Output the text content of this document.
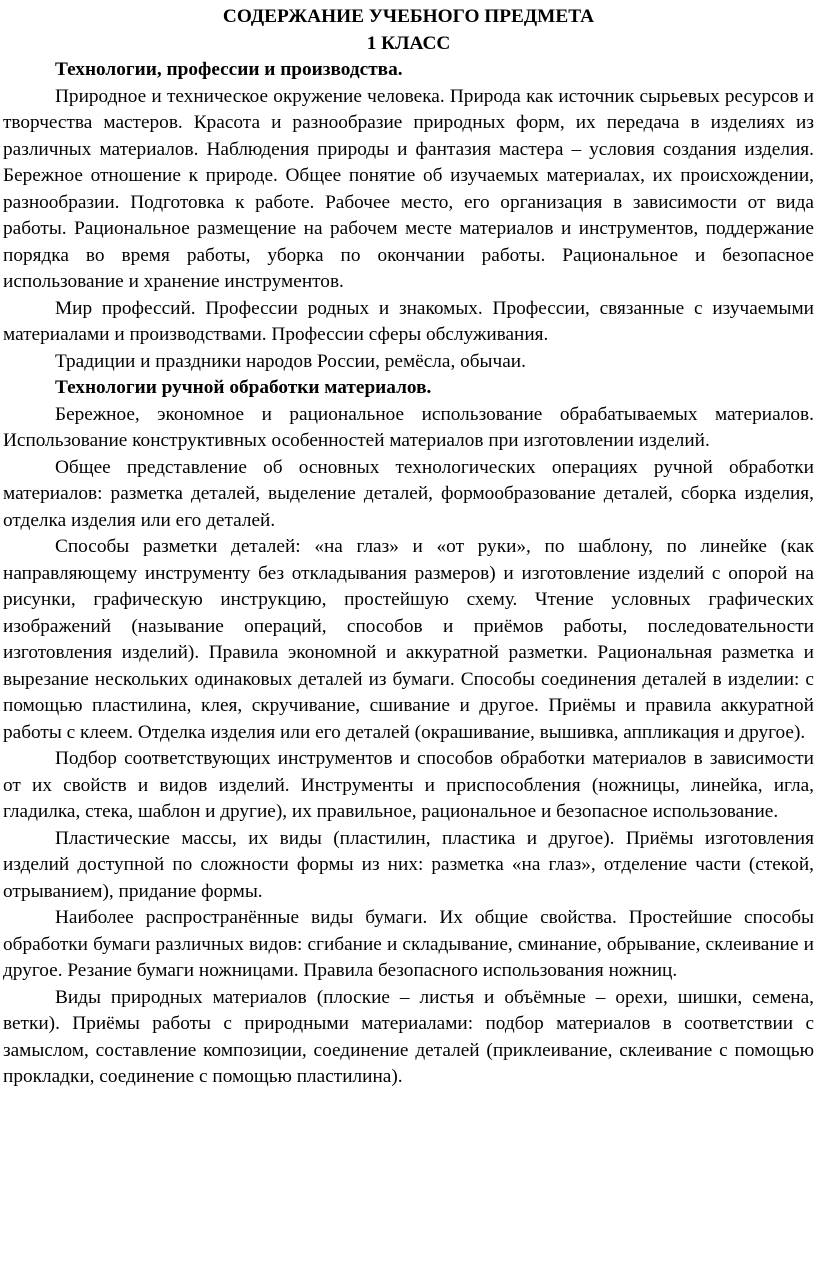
СОДЕРЖАНИЕ УЧЕБНОГО ПРЕДМЕТА
1 КЛАСС

Технологии, профессии и производства.

Природное и техническое окружение человека. Природа как источник сырьевых ресурсов и творчества мастеров. Красота и разнообразие природных форм, их передача в изделиях из различных материалов. Наблюдения природы и фантазия мастера – условия создания изделия. Бережное отношение к природе. Общее понятие об изучаемых материалах, их происхождении, разнообразии. Подготовка к работе. Рабочее место, его организация в зависимости от вида работы. Рациональное размещение на рабочем месте материалов и инструментов, поддержание порядка во время работы, уборка по окончании работы. Рациональное и безопасное использование и хранение инструментов.

Мир профессий. Профессии родных и знакомых. Профессии, связанные с изучаемыми материалами и производствами. Профессии сферы обслуживания.

Традиции и праздники народов России, ремёсла, обычаи.

Технологии ручной обработки материалов.

Бережное, экономное и рациональное использование обрабатываемых материалов. Использование конструктивных особенностей материалов при изготовлении изделий.

Общее представление об основных технологических операциях ручной обработки материалов: разметка деталей, выделение деталей, формообразование деталей, сборка изделия, отделка изделия или его деталей.

Способы разметки деталей: «на глаз» и «от руки», по шаблону, по линейке (как направляющему инструменту без откладывания размеров) и изготовление изделий с опорой на рисунки, графическую инструкцию, простейшую схему. Чтение условных графических изображений (называние операций, способов и приёмов работы, последовательности изготовления изделий). Правила экономной и аккуратной разметки. Рациональная разметка и вырезание нескольких одинаковых деталей из бумаги. Способы соединения деталей в изделии: с помощью пластилина, клея, скручивание, сшивание и другое. Приёмы и правила аккуратной работы с клеем. Отделка изделия или его деталей (окрашивание, вышивка, аппликация и другое).

Подбор соответствующих инструментов и способов обработки материалов в зависимости от их свойств и видов изделий. Инструменты и приспособления (ножницы, линейка, игла, гладилка, стека, шаблон и другие), их правильное, рациональное и безопасное использование.

Пластические массы, их виды (пластилин, пластика и другое). Приёмы изготовления изделий доступной по сложности формы из них: разметка «на глаз», отделение части (стекой, отрыванием), придание формы.

Наиболее распространённые виды бумаги. Их общие свойства. Простейшие способы обработки бумаги различных видов: сгибание и складывание, сминание, обрывание, склеивание и другое. Резание бумаги ножницами. Правила безопасного использования ножниц.

Виды природных материалов (плоские – листья и объёмные – орехи, шишки, семена, ветки). Приёмы работы с природными материалами: подбор материалов в соответствии с замыслом, составление композиции, соединение деталей (приклеивание, склеивание с помощью прокладки, соединение с помощью пластилина).
